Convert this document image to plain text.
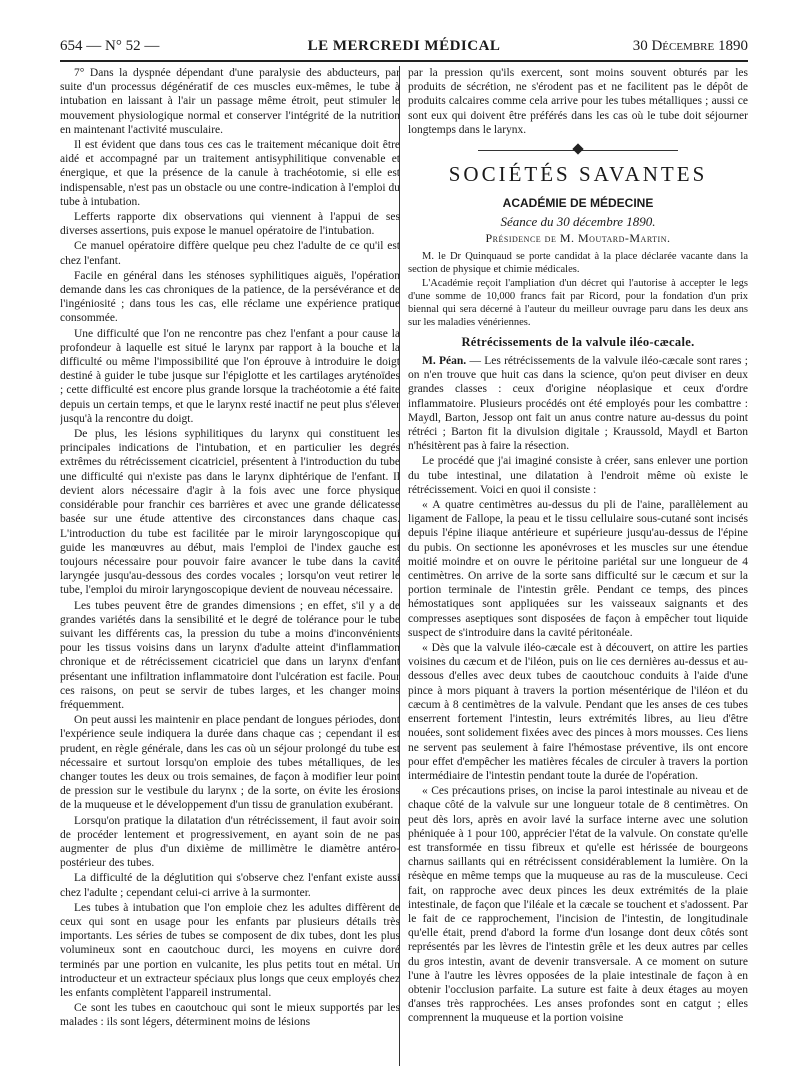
654 — N° 52 —	LE MERCREDI MÉDICAL	30 Décembre 1890

7° Dans la dyspnée dépendant d'une paralysie des abducteurs, par suite d'un processus dégénératif de ces muscles eux-mêmes, le tube à intubation en laissant à l'air un passage même étroit, peut stimuler le mouvement physiologique normal et conserver l'intégrité de la nutrition en maintenant l'activité musculaire.

Il est évident que dans tous ces cas le traitement mécanique doit être aidé et accompagné par un traitement antisyphilitique convenable et énergique, et que la présence de la canule à trachéotomie, si elle est indispensable, n'est pas un obstacle ou une contre-indication à l'emploi du tube à intubation.

Lefferts rapporte dix observations qui viennent à l'appui de ses diverses assertions, puis expose le manuel opératoire de l'intubation.

Ce manuel opératoire diffère quelque peu chez l'adulte de ce qu'il est chez l'enfant.

Facile en général dans les sténoses syphilitiques aiguës, l'opération demande dans les cas chroniques de la patience, de la persévérance et de l'ingéniosité ; dans tous les cas, elle réclame une expérience pratique consommée.

Une difficulté que l'on ne rencontre pas chez l'enfant a pour cause la profondeur à laquelle est situé le larynx par rapport à la bouche et la difficulté ou même l'impossibilité que l'on éprouve à introduire le doigt destiné à guider le tube jusque sur l'épiglotte et les cartilages aryténoïdes ; cette difficulté est encore plus grande lorsque la trachéotomie a été faite depuis un certain temps, et que le larynx resté inactif ne peut plus s'élever jusqu'à la rencontre du doigt.

De plus, les lésions syphilitiques du larynx qui constituent les principales indications de l'intubation, et en particulier les degrés extrêmes du rétrécissement cicatriciel, présentent à l'introduction du tube une difficulté qui n'existe pas dans le larynx diphtérique de l'enfant. Il devient alors nécessaire d'agir à la fois avec une force physique considérable pour franchir ces barrières et avec une grande délicatesse basée sur une étude attentive des circonstances dans chaque cas. L'introduction du tube est facilitée par le miroir laryngoscopique qui guide les manœuvres au début, mais l'emploi de l'index gauche est toujours nécessaire pour pouvoir faire avancer le tube dans la cavité laryngée jusqu'au-dessous des cordes vocales ; lorsqu'on veut retirer le tube, l'emploi du miroir laryngoscopique devient de nouveau nécessaire.

Les tubes peuvent être de grandes dimensions ; en effet, s'il y a de grandes variétés dans la sensibilité et le degré de tolérance pour le tube suivant les différents cas, la pression du tube a moins d'inconvénients pour les tissus voisins dans un larynx d'adulte atteint d'inflammation chronique et de rétrécissement cicatriciel que dans un larynx d'enfant présentant une infiltration inflammatoire dont l'ulcération est facile. Pour ces raisons, on peut se servir de tubes larges, et les changer moins fréquemment.

On peut aussi les maintenir en place pendant de longues périodes, dont l'expérience seule indiquera la durée dans chaque cas ; cependant il est prudent, en règle générale, dans les cas où un séjour prolongé du tube est nécessaire et surtout lorsqu'on emploie des tubes métalliques, de les changer toutes les deux ou trois semaines, de façon à modifier leur point de pression sur le vestibule du larynx ; de la sorte, on évite les érosions de la muqueuse et le développement d'un tissu de granulation exubérant.

Lorsqu'on pratique la dilatation d'un rétrécissement, il faut avoir soin de procéder lentement et progressivement, en ayant soin de ne pas augmenter de plus d'un dixième de millimètre le diamètre antéro-postérieur des tubes.

La difficulté de la déglutition qui s'observe chez l'enfant existe aussi chez l'adulte ; cependant celui-ci arrive à la surmonter.

Les tubes à intubation que l'on emploie chez les adultes diffèrent de ceux qui sont en usage pour les enfants par plusieurs détails très importants. Les séries de tubes se composent de dix tubes, dont les plus volumineux sont en caoutchouc durci, les moyens en cuivre doré terminés par une portion en vulcanite, les plus petits tout en métal. Un introducteur et un extracteur spéciaux plus longs que ceux employés chez les enfants complètent l'appareil instrumental.

Ce sont les tubes en caoutchouc qui sont le mieux supportés par les malades : ils sont légers, déterminent moins de lésions

par la pression qu'ils exercent, sont moins souvent obturés par les produits de sécrétion, ne s'érodent pas et ne facilitent pas le dépôt de produits calcaires comme cela arrive pour les tubes métalliques ; aussi ce sont eux qui doivent être préférés dans les cas où le tube doit séjourner longtemps dans le larynx.

SOCIÉTÉS SAVANTES
ACADÉMIE DE MÉDECINE
Séance du 30 décembre 1890.
Présidence de M. Moutard-Martin.

M. le Dr Quinquaud se porte candidat à la place déclarée vacante dans la section de physique et chimie médicales.

L'Académie reçoit l'ampliation d'un décret qui l'autorise à accepter le legs d'une somme de 10,000 francs fait par Ricord, pour la fondation d'un prix biennal qui sera décerné à l'auteur du meilleur ouvrage paru dans les deux ans sur les maladies vénériennes.

Rétrécissements de la valvule iléo-cæcale.

M. Péan. — Les rétrécissements de la valvule iléo-cæcale sont rares ; on n'en trouve que huit cas dans la science, qu'on peut diviser en deux grandes classes : ceux d'origine néoplasique et ceux d'ordre inflammatoire. Plusieurs procédés ont été employés pour les combattre : Maydl, Barton, Jessop ont fait un anus contre nature au-dessus du point rétréci ; Barton fit la divulsion digitale ; Kraussold, Maydl et Barton n'hésitèrent pas à faire la résection.

Le procédé que j'ai imaginé consiste à créer, sans enlever une portion du tube intestinal, une dilatation à l'endroit même où existe le rétrécissement. Voici en quoi il consiste :

« A quatre centimètres au-dessus du pli de l'aine, parallèlement au ligament de Fallope, la peau et le tissu cellulaire sous-cutané sont incisés depuis l'épine iliaque antérieure et supérieure jusqu'au-dessus de l'épine du pubis. On sectionne les aponévroses et les muscles sur une étendue moitié moindre et on ouvre le péritoine pariétal sur une longueur de 4 centimètres. On arrive de la sorte sans difficulté sur le cæcum et sur la portion terminale de l'intestin grêle. Pendant ce temps, des pinces hémostatiques sont appliquées sur les vaisseaux saignants et des compresses aseptiques sont disposées de façon à empêcher tout liquide suspect de s'introduire dans la cavité péritonéale.

« Dès que la valvule iléo-cæcale est à découvert, on attire les parties voisines du cæcum et de l'iléon, puis on lie ces dernières au-dessus et au-dessous d'elles avec deux tubes de caoutchouc conduits à l'aide d'une pince à mors piquant à travers la portion mésentérique de l'iléon et du cæcum à 8 centimètres de la valvule. Pendant que les anses de ces tubes enserrent fortement l'intestin, leurs extrémités libres, au lieu d'être nouées, sont solidement fixées avec des pinces à mors mousses. Ces liens ne servent pas seulement à faire l'hémostase préventive, ils ont encore pour effet d'empêcher les matières fécales de circuler à travers la portion intermédiaire de l'intestin pendant toute la durée de l'opération.

« Ces précautions prises, on incise la paroi intestinale au niveau et de chaque côté de la valvule sur une longueur totale de 8 centimètres. On peut dès lors, après en avoir lavé la surface interne avec une solution phéniquée à 1 pour 100, apprécier l'état de la valvule. On constate qu'elle est transformée en tissu fibreux et qu'elle est hérissée de bourgeons charnus saillants qui en rétrécissent considérablement la lumière. On la résèque en même temps que la muqueuse au ras de la musculeuse. Ceci fait, on rapproche avec deux pinces les deux extrémités de la plaie intestinale, de façon que l'iléale et la cæcale se touchent et s'adossent. Par le fait de ce rapprochement, l'incision de l'intestin, de longitudinale qu'elle était, prend d'abord la forme d'un losange dont deux côtés sont représentés par les lèvres de l'intestin grêle et les deux autres par celles du gros intestin, avant de devenir transversale. A ce moment on suture l'une à l'autre les lèvres opposées de la plaie intestinale de façon à en obtenir l'occlusion parfaite. La suture est faite à deux étages au moyen d'anses très rapprochées. Les anses profondes sont en catgut ; elles comprennent la muqueuse et la portion voisine
